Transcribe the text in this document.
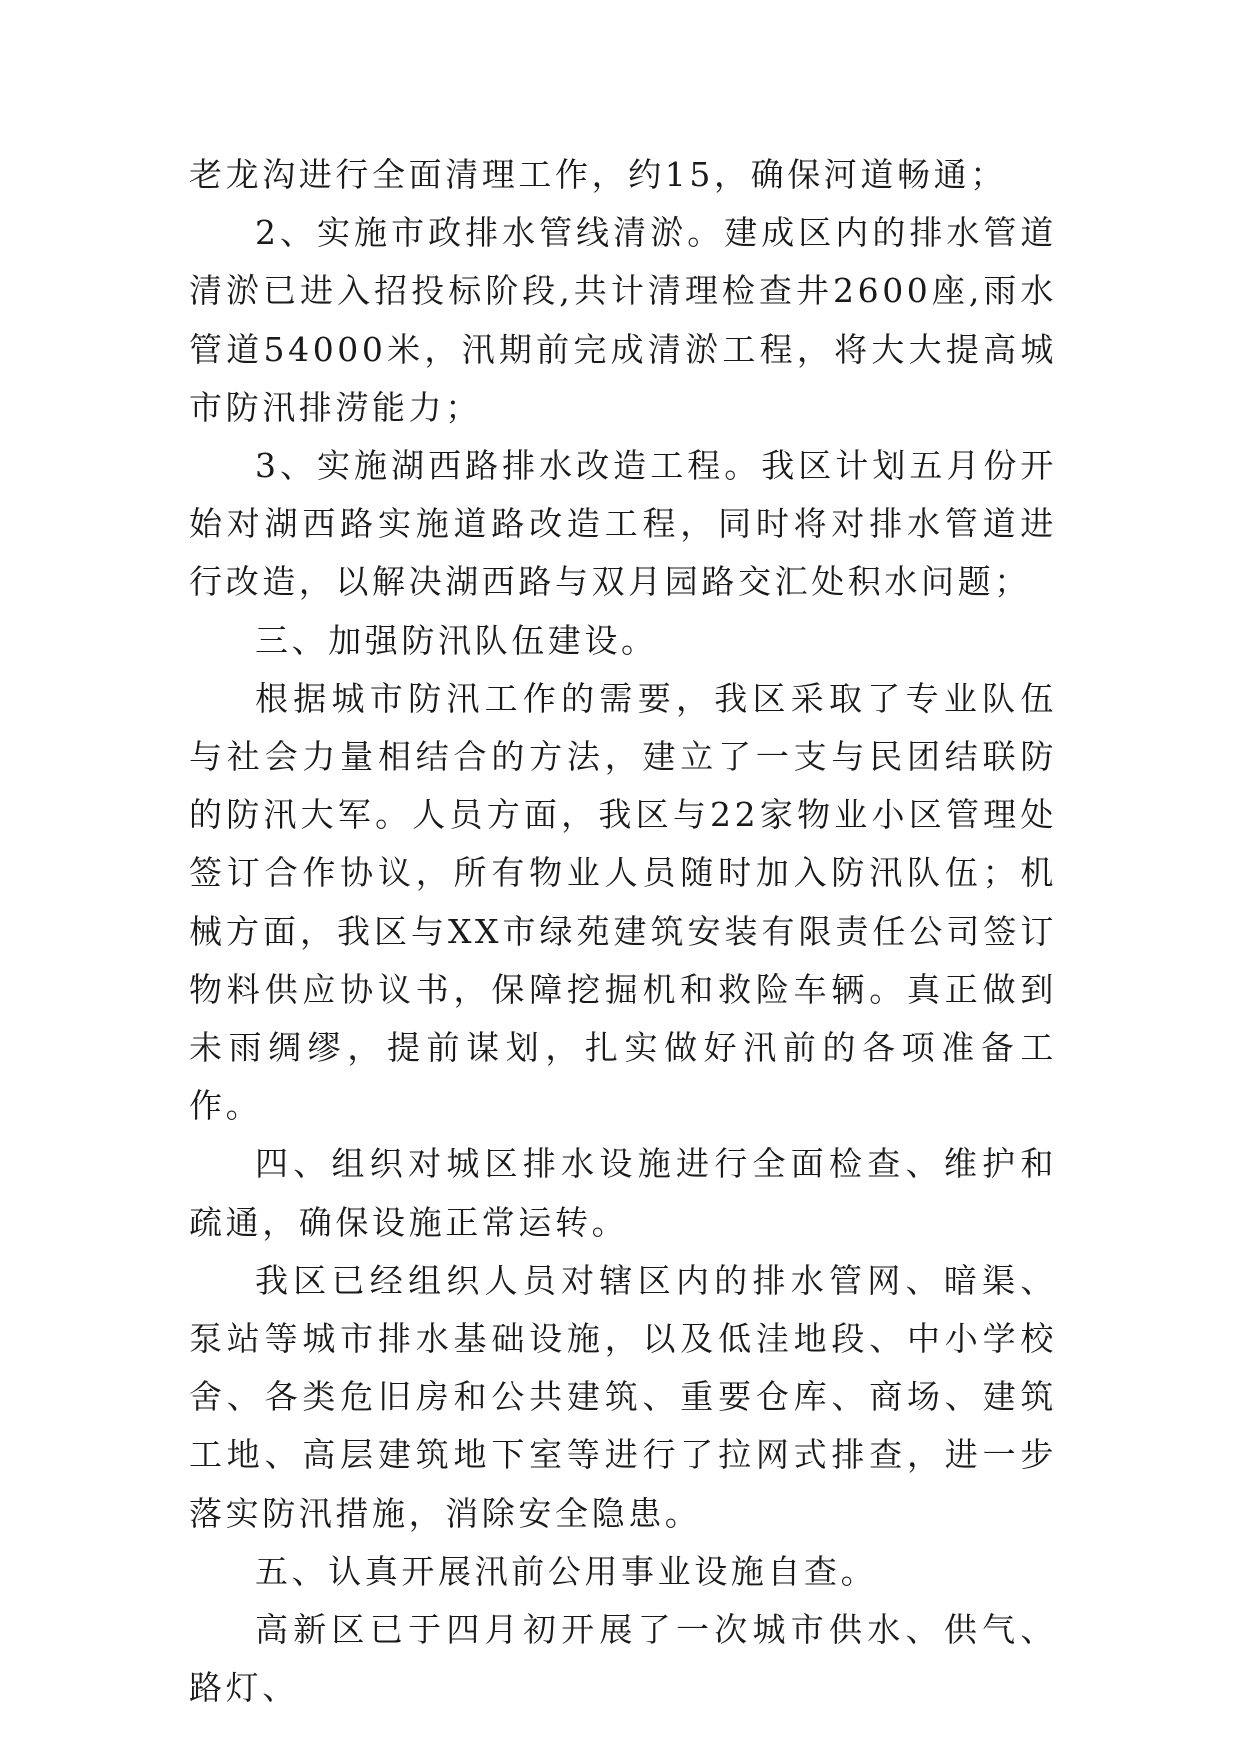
老龙沟进行全面清理工作，约15，确保河道畅通；

2、实施市政排水管线清淤。建成区内的排水管道清淤已进入招投标阶段,共计清理检查井2600座,雨水管道54000米，汛期前完成清淤工程，将大大提高城市防汛排涝能力；

3、实施湖西路排水改造工程。我区计划五月份开始对湖西路实施道路改造工程，同时将对排水管道进行改造，以解决湖西路与双月园路交汇处积水问题；

三、加强防汛队伍建设。

根据城市防汛工作的需要，我区采取了专业队伍与社会力量相结合的方法，建立了一支与民团结联防的防汛大军。人员方面，我区与22家物业小区管理处签订合作协议，所有物业人员随时加入防汛队伍；机械方面，我区与XX市绿苑建筑安装有限责任公司签订物料供应协议书，保障挖掘机和救险车辆。真正做到未雨绸缪，提前谋划，扎实做好汛前的各项准备工作。

四、组织对城区排水设施进行全面检查、维护和疏通，确保设施正常运转。

我区已经组织人员对辖区内的排水管网、暗渠、泵站等城市排水基础设施，以及低洼地段、中小学校舍、各类危旧房和公共建筑、重要仓库、商场、建筑工地、高层建筑地下室等进行了拉网式排查，进一步落实防汛措施，消除安全隐患。

五、认真开展汛前公用事业设施自查。

高新区已于四月初开展了一次城市供水、供气、路灯、
